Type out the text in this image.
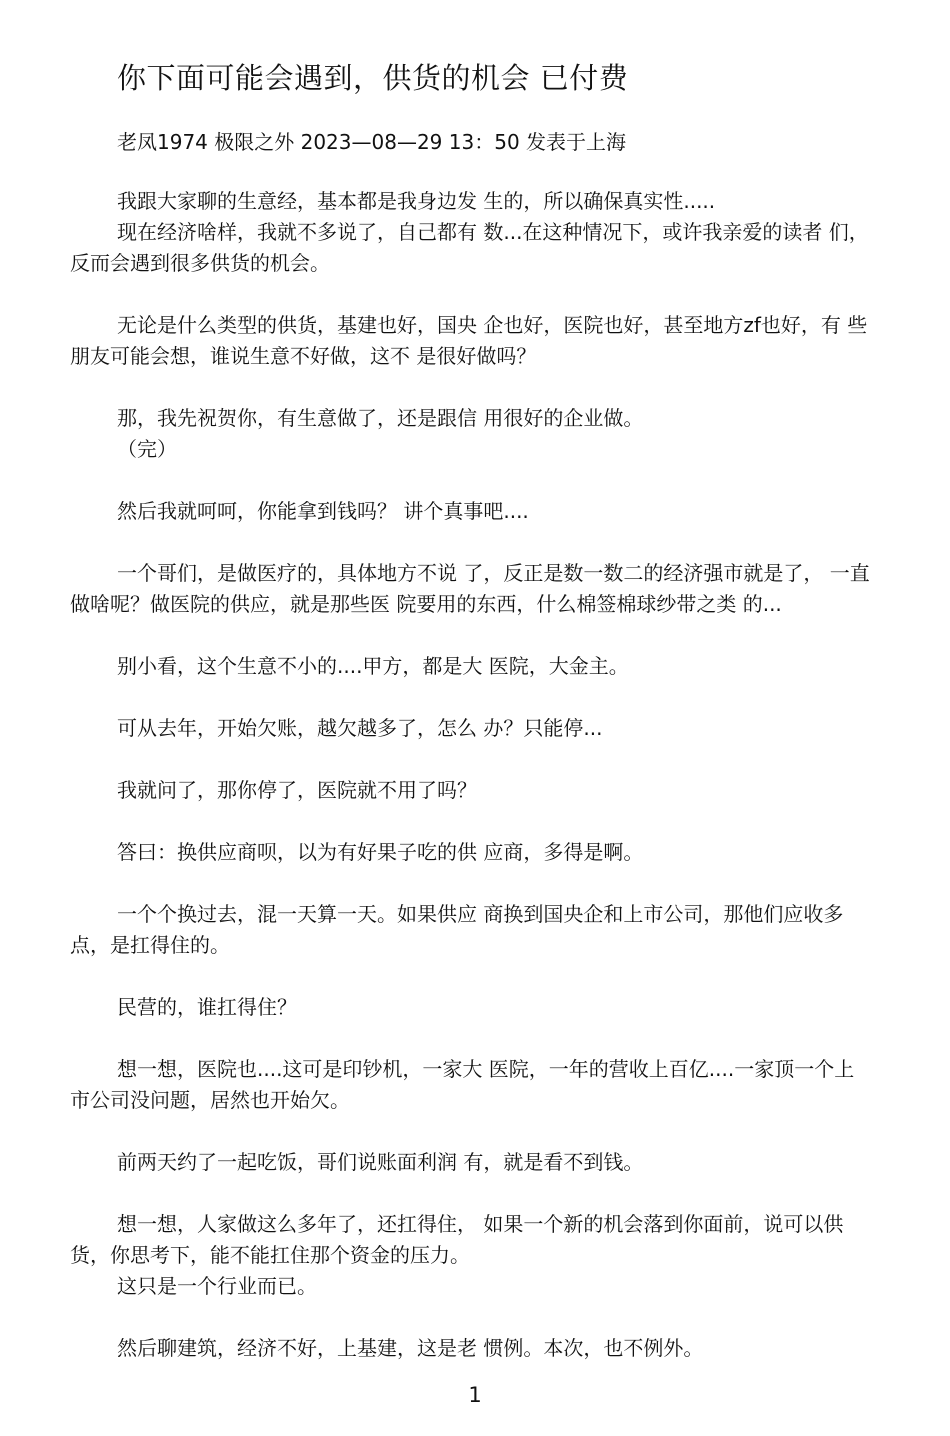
你下面可能会遇到，供货的机会 已付费
老凤1974 极限之外 2023—08—29 13：50 发表于上海

我跟大家聊的生意经，基本都是我身边发 生的，所以确保真实性.....

现在经济啥样，我就不多说了，自己都有 数...在这种情况下，或许我亲爱的读者 们，反而会遇到很多供货的机会。

无论是什么类型的供货，基建也好，国央 企也好，医院也好，甚至地方zf也好，有 些朋友可能会想，谁说生意不好做，这不 是很好做吗？

那，我先祝贺你，有生意做了，还是跟信 用很好的企业做。

（完）

然后我就呵呵，你能拿到钱吗？ 讲个真事吧....

一个哥们，是做医疗的，具体地方不说 了，反正是数一数二的经济强市就是了， 一直做啥呢？做医院的供应，就是那些医 院要用的东西，什么棉签棉球纱带之类 的...

别小看，这个生意不小的....甲方，都是大 医院，大金主。

可从去年，开始欠账，越欠越多了，怎么 办？只能停...

我就问了，那你停了，医院就不用了吗？

答曰：换供应商呗，以为有好果子吃的供 应商，多得是啊。

一个个换过去，混一天算一天。如果供应 商换到国央企和上市公司，那他们应收多 点，是扛得住的。

民营的，谁扛得住？

想一想，医院也....这可是印钞机，一家大 医院，一年的营收上百亿....一家顶一个上 市公司没问题，居然也开始欠。

前两天约了一起吃饭，哥们说账面利润 有，就是看不到钱。

想一想，人家做这么多年了，还扛得住， 如果一个新的机会落到你面前，说可以供 货，你思考下，能不能扛住那个资金的压力。

这只是一个行业而已。

然后聊建筑，经济不好，上基建，这是老 惯例。本次，也不例外。

1
